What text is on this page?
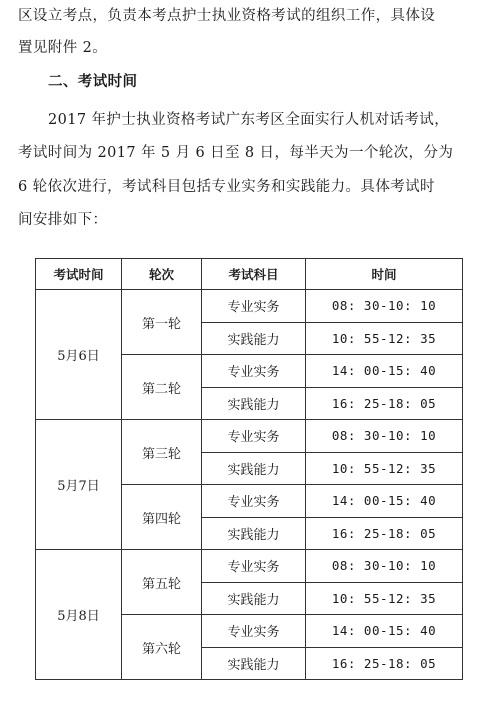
区设立考点，负责本考点护士执业资格考试的组织工作，具体设
置见附件 2。
二、考试时间
2017 年护士执业资格考试广东考区全面实行人机对话考试，
考试时间为 2017 年 5 月 6 日至 8 日，每半天为一个轮次，分为
6 轮依次进行，考试科目包括专业实务和实践能力。具体考试时
间安排如下：
考试时间	轮次	考试科目	时间
5月6日	第一轮	专业实务	08: 30-10: 10
		实践能力	10: 55-12: 35
	第二轮	专业实务	14: 00-15: 40
		实践能力	16: 25-18: 05
5月7日	第三轮	专业实务	08: 30-10: 10
		实践能力	10: 55-12: 35
	第四轮	专业实务	14: 00-15: 40
		实践能力	16: 25-18: 05
5月8日	第五轮	专业实务	08: 30-10: 10
		实践能力	10: 55-12: 35
	第六轮	专业实务	14: 00-15: 40
		实践能力	16: 25-18: 05
